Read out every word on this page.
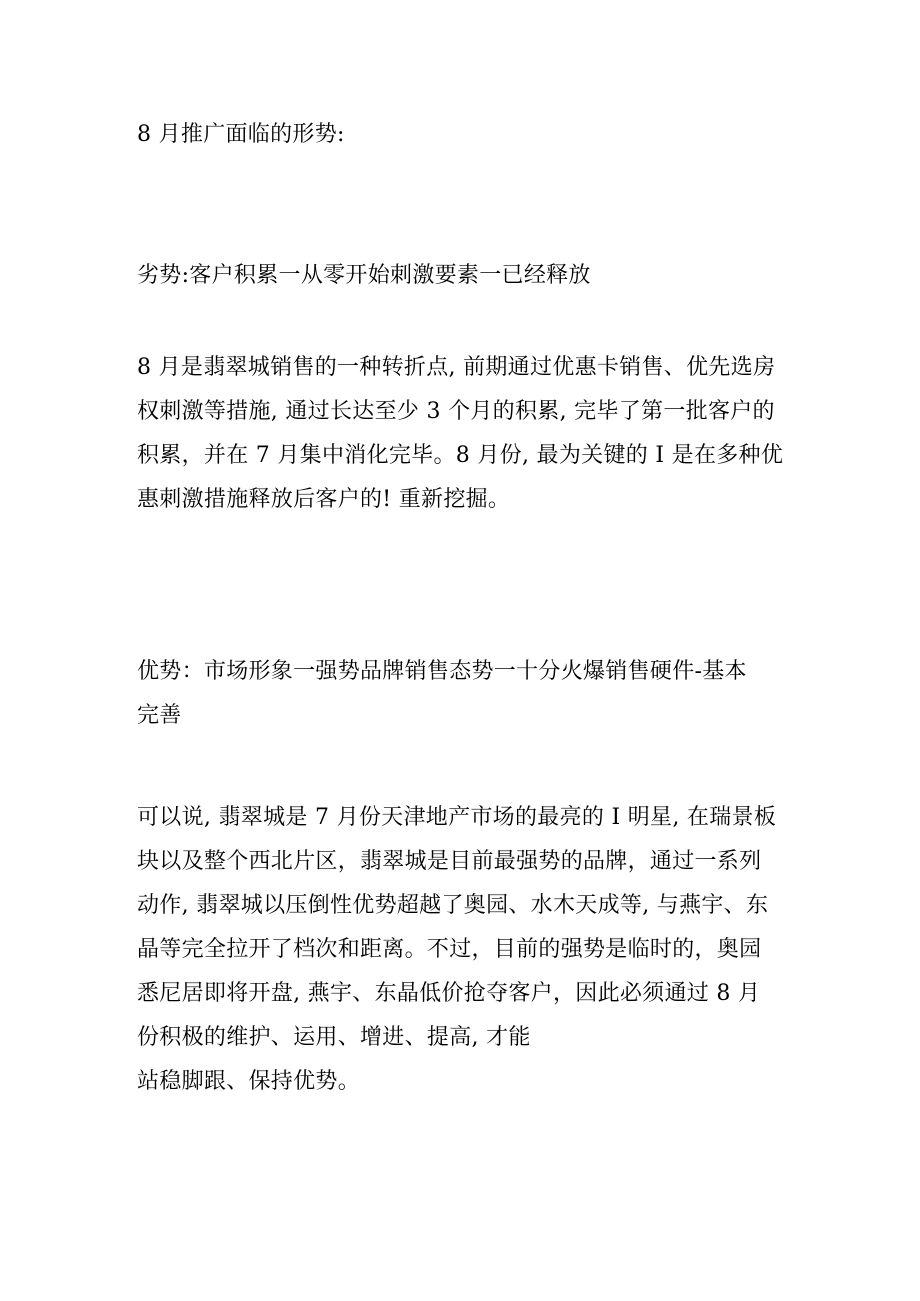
8 月推广面临的形势:

劣势:客户积累一从零开始刺激要素一已经释放

8 月是翡翠城销售的一种转折点, 前期通过优惠卡销售、优先选房
权刺激等措施, 通过长达至少 3 个月的积累, 完毕了第一批客户的
积累，并在 7 月集中消化完毕。8 月份, 最为关键的 I 是在多种优
惠刺激措施释放后客户的! 重新挖掘。

优势：市场形象一强势品牌销售态势一十分火爆销售硬件-基本
完善

可以说, 翡翠城是 7 月份天津地产市场的最亮的 I 明星, 在瑞景板
块以及整个西北片区，翡翠城是目前最强势的品牌，通过一系列
动作, 翡翠城以压倒性优势超越了奥园、水木天成等, 与燕宇、东
晶等完全拉开了档次和距离。不过，目前的强势是临时的，奥园
悉尼居即将开盘, 燕宇、东晶低价抢夺客户，因此必须通过 8 月
份积极的维护、运用、增进、提高, 才能
站稳脚跟、保持优势。
